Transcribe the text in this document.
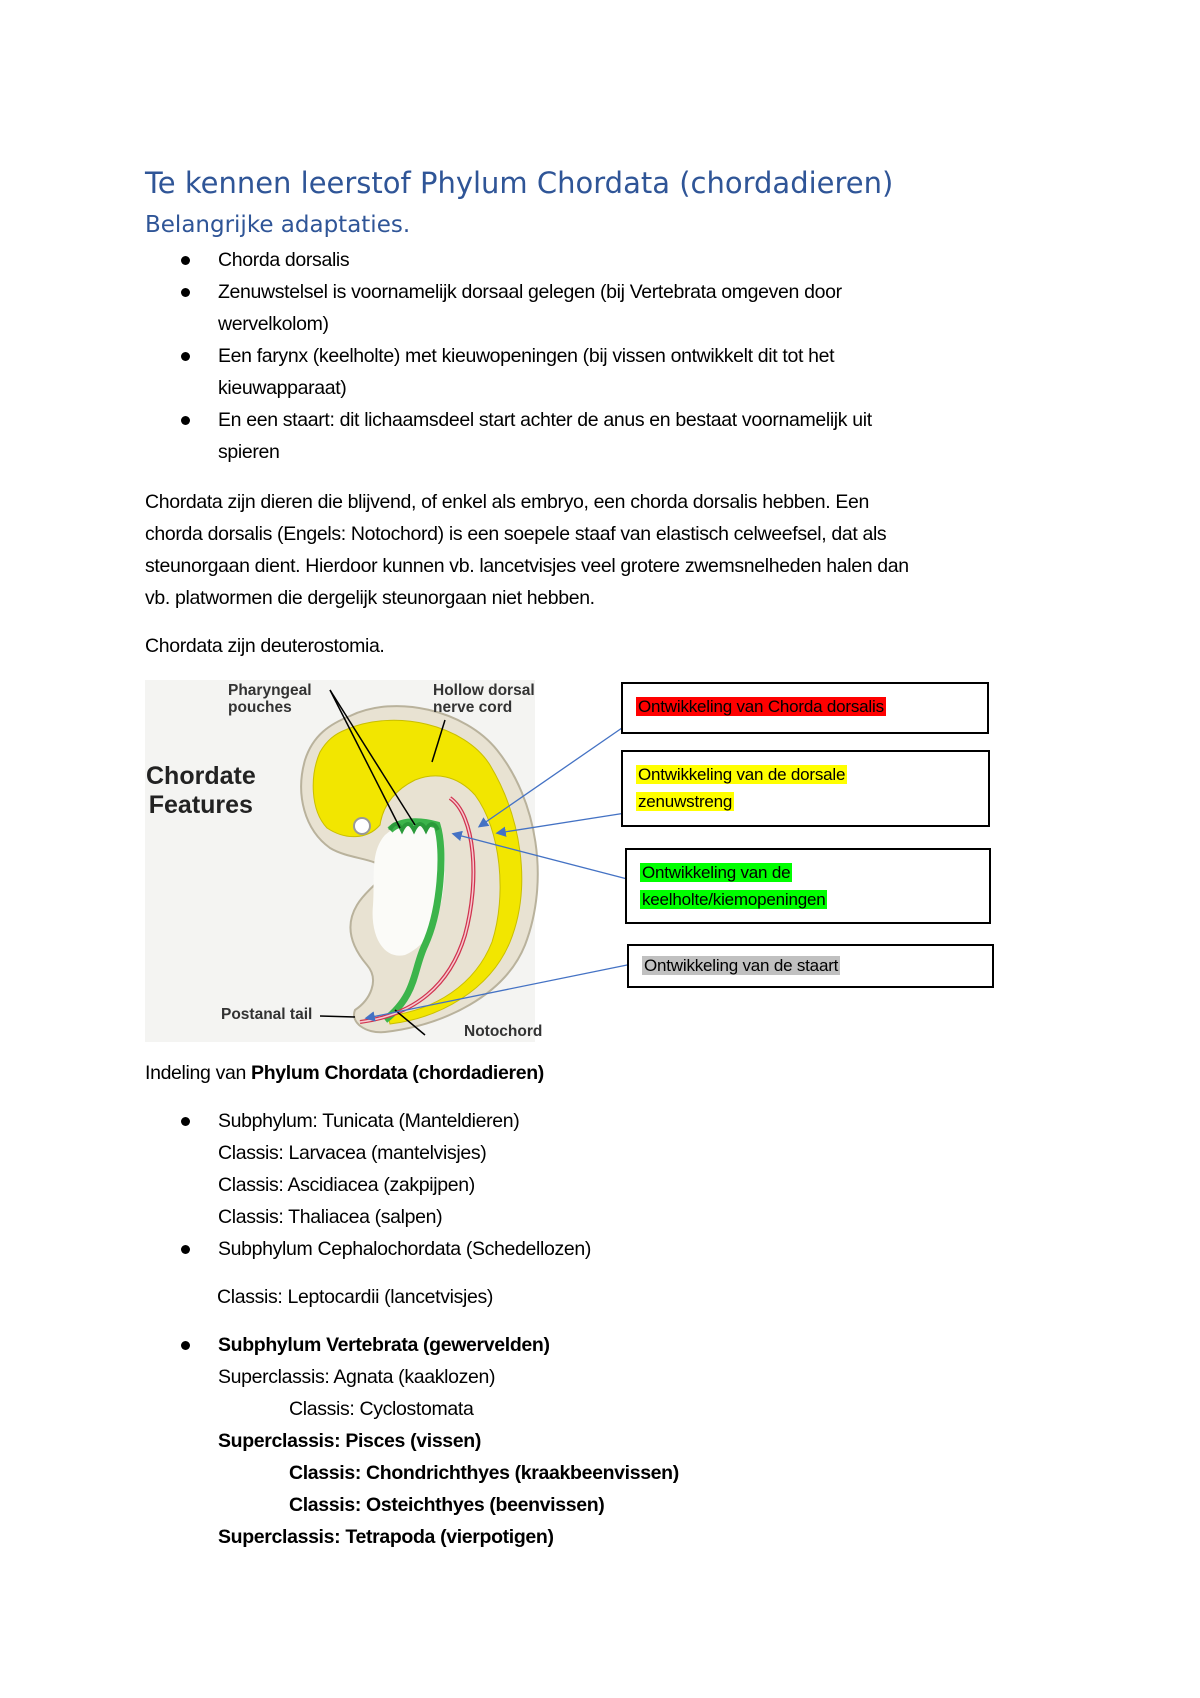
Te kennen leerstof Phylum Chordata (chordadieren)
Belangrijke adaptaties.
Chorda dorsalis
Zenuwstelsel is voornamelijk dorsaal gelegen (bij Vertebrata omgeven door
wervelkolom)
Een farynx (keelholte) met kieuwopeningen (bij vissen ontwikkelt dit tot het
kieuwapparaat)
En een staart: dit lichaamsdeel start achter de anus en bestaat voornamelijk uit
spieren
Chordata zijn dieren die blijvend, of enkel als embryo, een chorda dorsalis hebben. Een
chorda dorsalis (Engels: Notochord) is een soepele staaf van elastisch celweefsel, dat als
steunorgaan dient. Hierdoor kunnen vb. lancetvisjes veel grotere zwemsnelheden halen dan
vb. platwormen die dergelijk steunorgaan niet hebben.
Chordata zijn deuterostomia.
Pharyngeal
pouches
Hollow dorsal
nerve cord
Chordate
Features
Postanal tail
Notochord
Ontwikkeling van Chorda dorsalis
Ontwikkeling van de dorsale
zenuwstreng
Ontwikkeling van de
keelholte/kiemopeningen
Ontwikkeling van de staart
Indeling van Phylum Chordata (chordadieren)
Subphylum: Tunicata (Manteldieren)
Classis: Larvacea (mantelvisjes)
Classis: Ascidiacea (zakpijpen)
Classis: Thaliacea (salpen)
Subphylum Cephalochordata (Schedellozen)
Classis: Leptocardii (lancetvisjes)
Subphylum Vertebrata (gewervelden)
Superclassis: Agnata (kaaklozen)
Classis: Cyclostomata
Superclassis: Pisces (vissen)
Classis: Chondrichthyes (kraakbeenvissen)
Classis: Osteichthyes (beenvissen)
Superclassis: Tetrapoda (vierpotigen)
